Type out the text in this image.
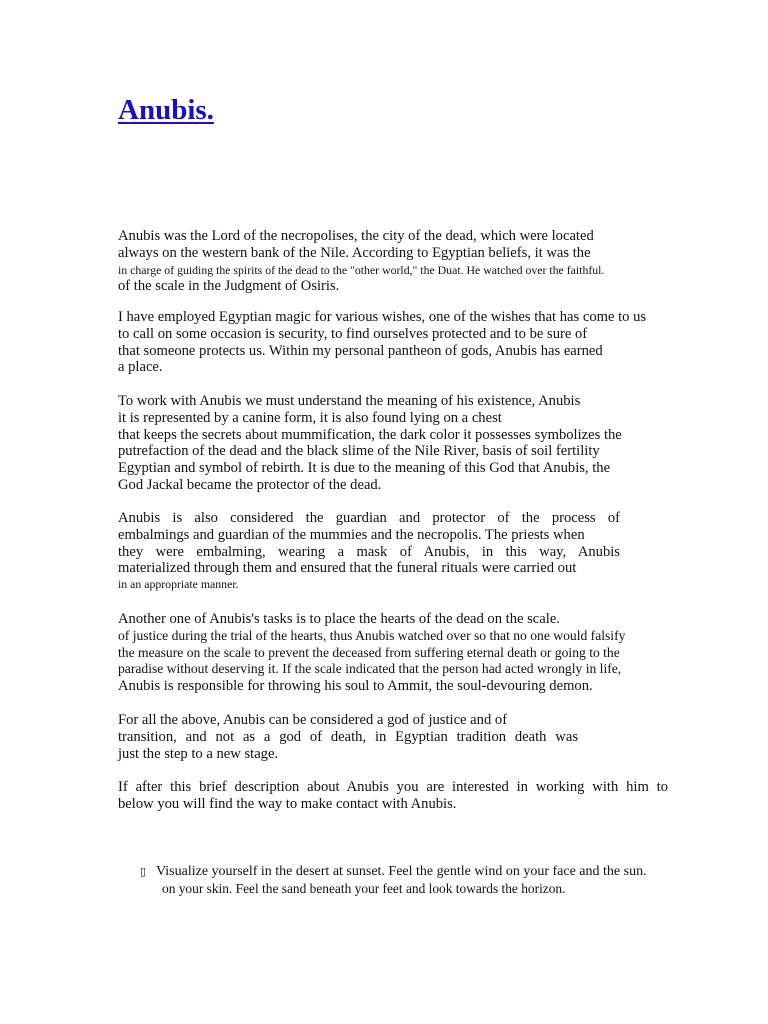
Anubis.

Anubis was the Lord of the necropolises, the city of the dead, which were located
always on the western bank of the Nile. According to Egyptian beliefs, it was the
in charge of guiding the spirits of the dead to the "other world," the Duat. He watched over the faithful.
of the scale in the Judgment of Osiris.

I have employed Egyptian magic for various wishes, one of the wishes that has come to us
to call on some occasion is security, to find ourselves protected and to be sure of
that someone protects us. Within my personal pantheon of gods, Anubis has earned
a place.

To work with Anubis we must understand the meaning of his existence, Anubis
it is represented by a canine form, it is also found lying on a chest
that keeps the secrets about mummification, the dark color it possesses symbolizes the
putrefaction of the dead and the black slime of the Nile River, basis of soil fertility
Egyptian and symbol of rebirth. It is due to the meaning of this God that Anubis, the
God Jackal became the protector of the dead.

Anubis is also considered the guardian and protector of the process of
embalmings and guardian of the mummies and the necropolis. The priests when
they were embalming, wearing a mask of Anubis, in this way, Anubis
materialized through them and ensured that the funeral rituals were carried out
in an appropriate manner.

Another one of Anubis's tasks is to place the hearts of the dead on the scale.
of justice during the trial of the hearts, thus Anubis watched over so that no one would falsify
the measure on the scale to prevent the deceased from suffering eternal death or going to the
paradise without deserving it. If the scale indicated that the person had acted wrongly in life,
Anubis is responsible for throwing his soul to Ammit, the soul-devouring demon.

For all the above, Anubis can be considered a god of justice and of
transition, and not as a god of death, in Egyptian tradition death was
just the step to a new stage.

If after this brief description about Anubis you are interested in working with him to
below you will find the way to make contact with Anubis.

▯ Visualize yourself in the desert at sunset. Feel the gentle wind on your face and the sun.
on your skin. Feel the sand beneath your feet and look towards the horizon.
